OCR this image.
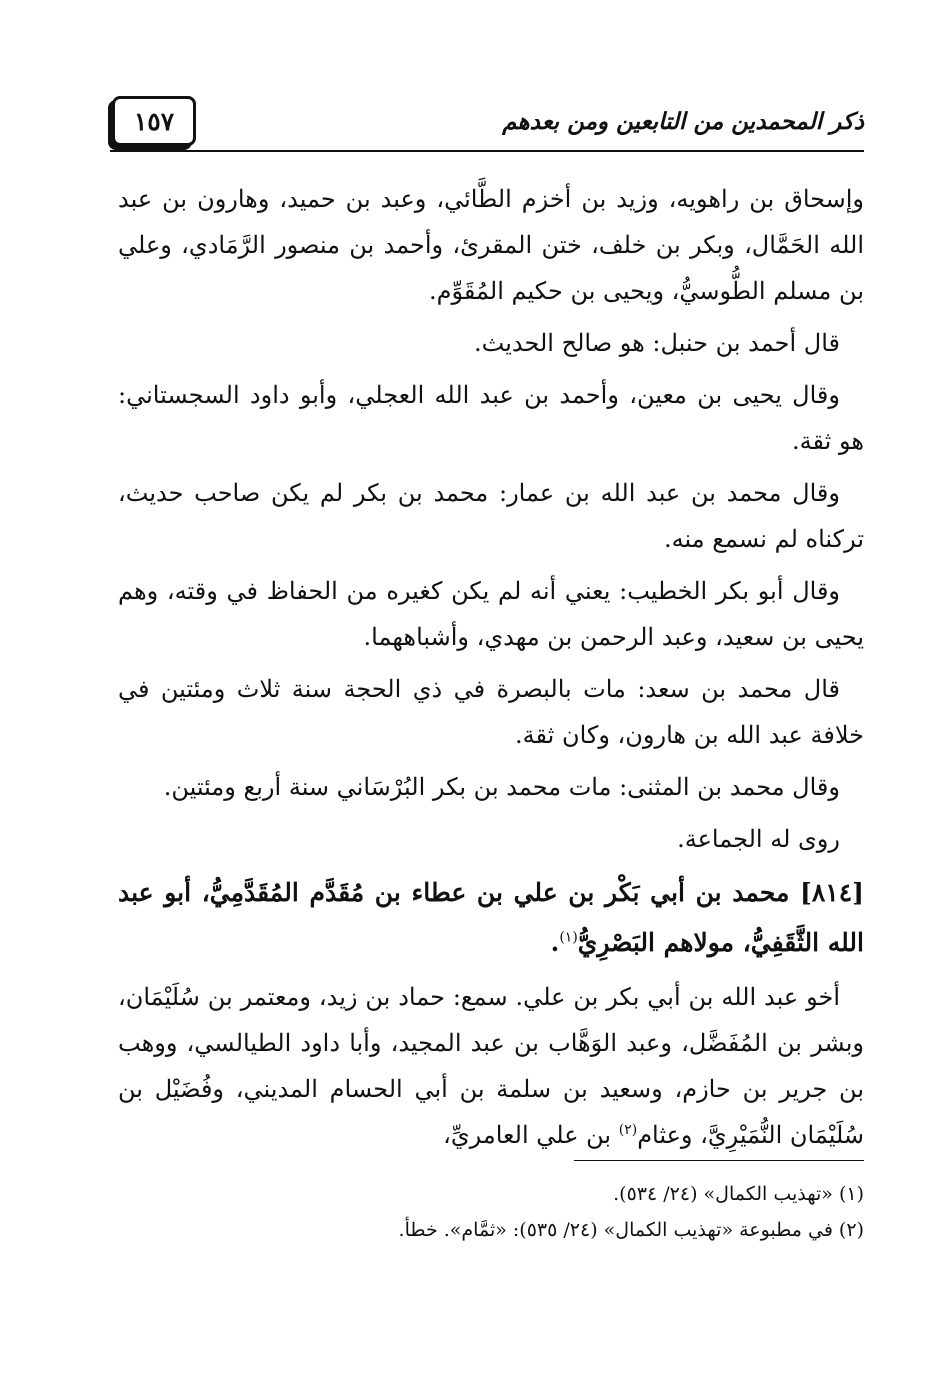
ذكر المحمدين من التابعين ومن بعدهم
١٥٧

وإسحاق بن راهويه، وزيد بن أخزم الطَّائي، وعبد بن حميد، وهارون بن عبد الله الحَمَّال، وبكر بن خلف، ختن المقرئ، وأحمد بن منصور الرَّمَادي، وعلي بن مسلم الطُّوسيُّ، ويحيى بن حكيم المُقَوِّم.

قال أحمد بن حنبل: هو صالح الحديث.

وقال يحيى بن معين، وأحمد بن عبد الله العجلي، وأبو داود السجستاني: هو ثقة.

وقال محمد بن عبد الله بن عمار: محمد بن بكر لم يكن صاحب حديث، تركناه لم نسمع منه.

وقال أبو بكر الخطيب: يعني أنه لم يكن كغيره من الحفاظ في وقته، وهم يحيى بن سعيد، وعبد الرحمن بن مهدي، وأشباههما.

قال محمد بن سعد: مات بالبصرة في ذي الحجة سنة ثلاث ومئتين في خلافة عبد الله بن هارون، وكان ثقة.

وقال محمد بن المثنى: مات محمد بن بكر البُرْسَاني سنة أربع ومئتين.

روى له الجماعة.

[٨١٤] محمد بن أبي بَكْر بن علي بن عطاء بن مُقَدَّم المُقَدَّمِيُّ، أبو عبد الله الثَّقَفِيُّ، مولاهم البَصْرِيُّ$^{(١)}$.

أخو عبد الله بن أبي بكر بن علي. سمع: حماد بن زيد، ومعتمر بن سُلَيْمَان، وبشر بن المُفَضَّل، وعبد الوَهَّاب بن عبد المجيد، وأبا داود الطيالسي، ووهب بن جرير بن حازم، وسعيد بن سلمة بن أبي الحسام المديني، وفُضَيْل بن سُلَيْمَان النُّمَيْرِيَّ، وعثام$^{(٢)}$ بن علي العامريِّ،

(١) «تهذيب الكمال» (٢٤/ ٥٣٤).

(٢) في مطبوعة «تهذيب الكمال» (٢٤/ ٥٣٥): «ثمَّام». خطأ.
